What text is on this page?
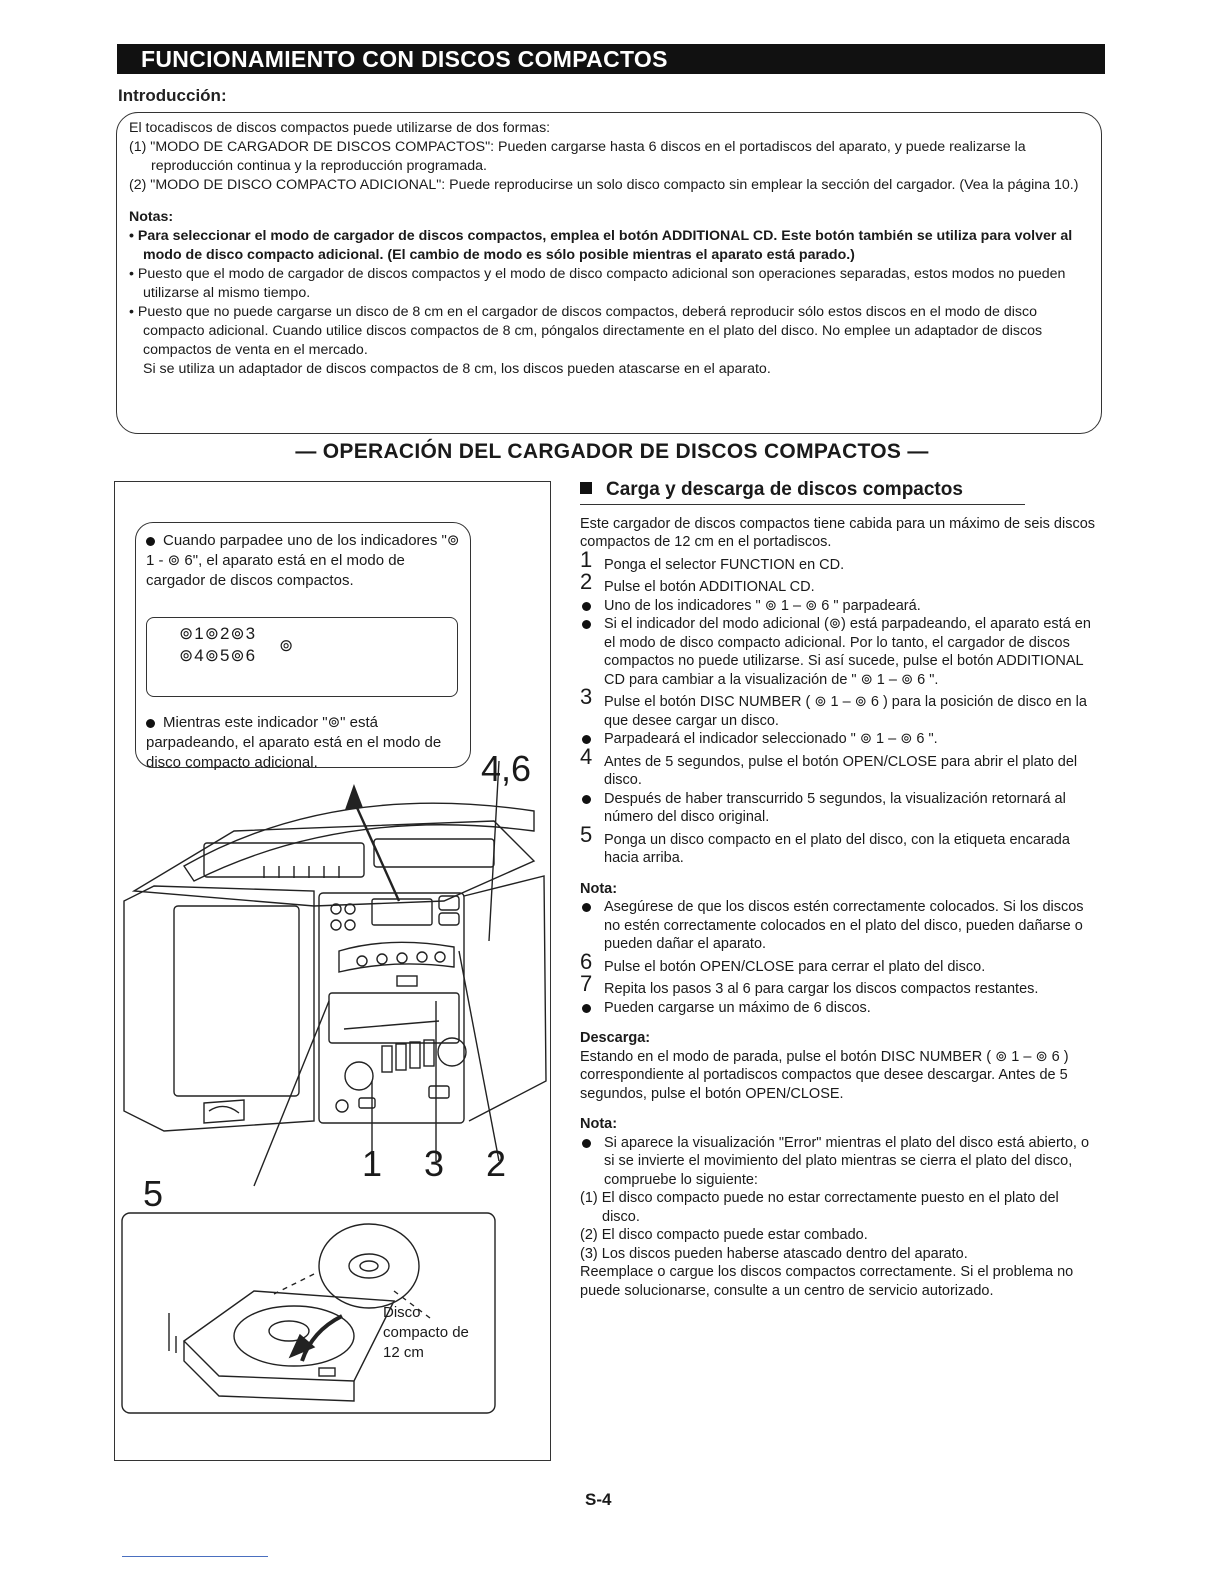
FUNCIONAMIENTO CON DISCOS COMPACTOS
Introducción:

El tocadiscos de discos compactos puede utilizarse de dos formas:

(1) "MODO DE CARGADOR DE DISCOS COMPACTOS": Pueden cargarse hasta 6 discos en el portadiscos del aparato, y puede realizarse la reproducción continua y la reproducción programada.

(2) "MODO DE DISCO COMPACTO ADICIONAL": Puede reproducirse un solo disco compacto sin emplear la sección del cargador. (Vea la página 10.)

Notas:

• Para seleccionar el modo de cargador de discos compactos, emplea el botón ADDITIONAL CD. Este botón también se utiliza para volver al modo de disco compacto adicional. (El cambio de modo es sólo posible mientras el aparato está parado.)

• Puesto que el modo de cargador de discos compactos y el modo de disco compacto adicional son operaciones separadas, estos modos no pueden utilizarse al mismo tiempo.

• Puesto que no puede cargarse un disco de 8 cm en el cargador de discos compactos, deberá reproducir sólo estos discos en el modo de disco compacto adicional. Cuando utilice discos compactos de 8 cm, póngalos directamente en el plato del disco. No emplee un adaptador de discos compactos de venta en el mercado.

Si se utiliza un adaptador de discos compactos de 8 cm, los discos pueden atascarse en el aparato.

— OPERACIÓN DEL CARGADOR DE DISCOS COMPACTOS —
Cuando parpadee uno de los indicadores "⊚ 1 - ⊚ 6", el aparato está en el modo de cargador de discos compactos.
⊚1⊚2⊚3
⊚4⊚5⊚6
⊚
Mientras este indicador "⊚" está parpadeando, el aparato está en el modo de disco compacto adicional.	4,6
1 3 2
5
Disco
compacto de
12 cm

Carga y descarga de discos compactos

Este cargador de discos compactos tiene cabida para un máximo de seis discos compactos de 12 cm en el portadiscos.

1 Ponga el selector FUNCTION en CD.

2 Pulse el botón ADDITIONAL CD.

Uno de los indicadores " ⊚ 1 – ⊚ 6 " parpadeará.

Si el indicador del modo adicional (⊚) está parpadeando, el aparato está en el modo de disco compacto adicional. Por lo tanto, el cargador de discos compactos no puede utilizarse. Si así sucede, pulse el botón ADDITIONAL CD para cambiar a la visualización de " ⊚ 1 – ⊚ 6 ".

3 Pulse el botón DISC NUMBER ( ⊚ 1 – ⊚ 6 ) para la posición de disco en la que desee cargar un disco.

Parpadeará el indicador seleccionado " ⊚ 1 – ⊚ 6 ".

4 Antes de 5 segundos, pulse el botón OPEN/CLOSE para abrir el plato del disco.

Después de haber transcurrido 5 segundos, la visualización retornará al número del disco original.

5 Ponga un disco compacto en el plato del disco, con la etiqueta encarada hacia arriba.

Nota:

Asegúrese de que los discos estén correctamente colocados. Si los discos no estén correctamente colocados en el plato del disco, pueden dañarse o pueden dañar el aparato.

6 Pulse el botón OPEN/CLOSE para cerrar el plato del disco.

7 Repita los pasos 3 al 6 para cargar los discos compactos restantes.

Pueden cargarse un máximo de 6 discos.

Descarga:

Estando en el modo de parada, pulse el botón DISC NUMBER ( ⊚ 1 – ⊚ 6 ) correspondiente al portadiscos compactos que desee descargar. Antes de 5 segundos, pulse el botón OPEN/CLOSE.

Nota:

Si aparece la visualización "Error" mientras el plato del disco está abierto, o si se invierte el movimiento del plato mientras se cierra el plato del disco, compruebe lo siguiente:

(1) El disco compacto puede no estar correctamente puesto en el plato del disco.

(2) El disco compacto puede estar combado.

(3) Los discos pueden haberse atascado dentro del aparato.

Reemplace o cargue los discos compactos correctamente. Si el problema no puede solucionarse, consulte a un centro de servicio autorizado.

S-4
